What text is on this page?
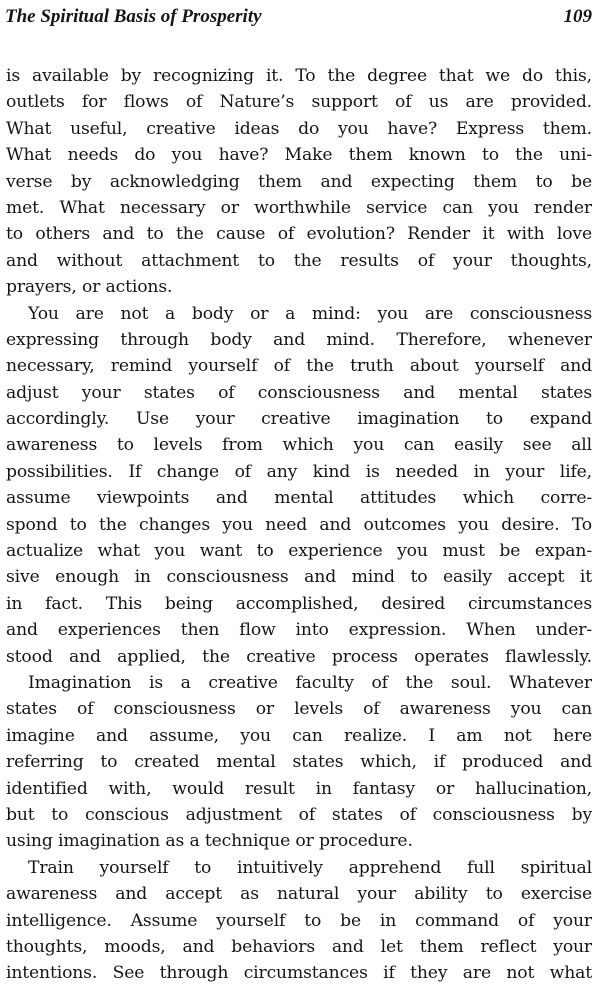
The Spiritual Basis of Prosperity	109
is available by recognizing it. To the degree that we do this,
outlets for flows of Nature’s support of us are provided.
What useful, creative ideas do you have? Express them.
What needs do you have? Make them known to the uni-
verse by acknowledging them and expecting them to be
met. What necessary or worthwhile service can you render
to others and to the cause of evolution? Render it with love
and without attachment to the results of your thoughts,
prayers, or actions.
You are not a body or a mind: you are consciousness
expressing through body and mind. Therefore, whenever
necessary, remind yourself of the truth about yourself and
adjust your states of consciousness and mental states
accordingly. Use your creative imagination to expand
awareness to levels from which you can easily see all
possibilities. If change of any kind is needed in your life,
assume viewpoints and mental attitudes which corre-
spond to the changes you need and outcomes you desire. To
actualize what you want to experience you must be expan-
sive enough in consciousness and mind to easily accept it
in fact. This being accomplished, desired circumstances
and experiences then flow into expression. When under-
stood and applied, the creative process operates flawlessly.
Imagination is a creative faculty of the soul. Whatever
states of consciousness or levels of awareness you can
imagine and assume, you can realize. I am not here
referring to created mental states which, if produced and
identified with, would result in fantasy or hallucination,
but to conscious adjustment of states of consciousness by
using imagination as a technique or procedure.
Train yourself to intuitively apprehend full spiritual
awareness and accept as natural your ability to exercise
intelligence. Assume yourself to be in command of your
thoughts, moods, and behaviors and let them reflect your
intentions. See through circumstances if they are not what
